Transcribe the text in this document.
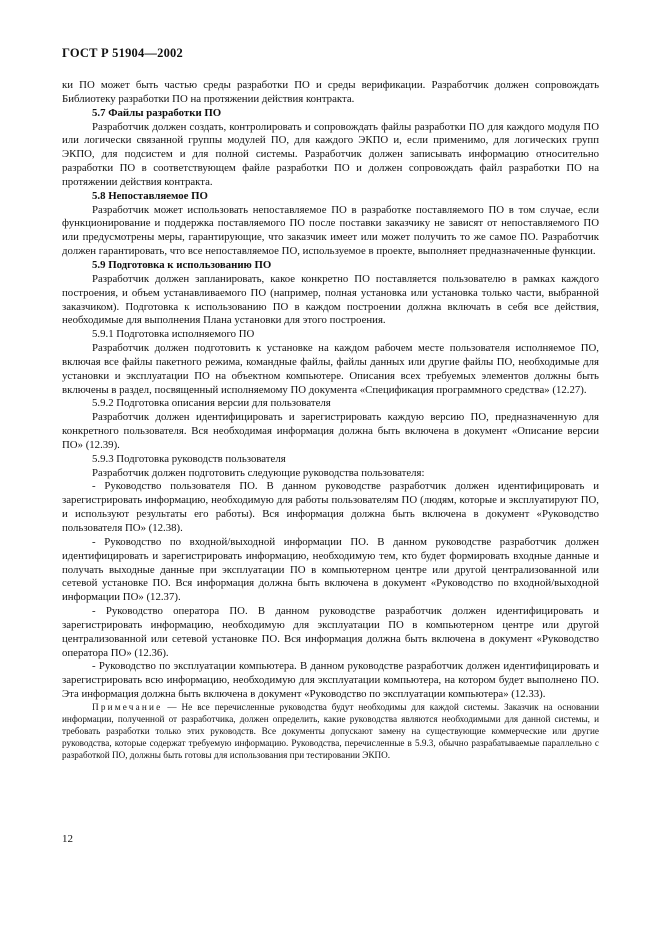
ГОСТ Р 51904—2002

ки ПО может быть частью среды разработки ПО и среды верификации. Разработчик должен сопровождать Библиотеку разработки ПО на протяжении действия контракта.

5.7 Файлы разработки ПО

Разработчик должен создать, контролировать и сопровождать файлы разработки ПО для каждого модуля ПО или логически связанной группы модулей ПО, для каждого ЭКПО и, если применимо, для логических групп ЭКПО, для подсистем и для полной системы. Разработчик должен записывать информацию относительно разработки ПО в соответствующем файле разработки ПО и должен сопровождать файл разработки ПО на протяжении действия контракта.

5.8 Непоставляемое ПО

Разработчик может использовать непоставляемое ПО в разработке поставляемого ПО в том случае, если функционирование и поддержка поставляемого ПО после поставки заказчику не зависят от непоставляемого ПО или предусмотрены меры, гарантирующие, что заказчик имеет или может получить то же самое ПО. Разработчик должен гарантировать, что все непоставляемое ПО, используемое в проекте, выполняет предназначенные функции.

5.9 Подготовка к использованию ПО

Разработчик должен запланировать, какое конкретно ПО поставляется пользователю в рамках каждого построения, и объем устанавливаемого ПО (например, полная установка или установка только части, выбранной заказчиком). Подготовка к использованию ПО в каждом построении должна включать в себя все действия, необходимые для выполнения Плана установки для этого построения.

5.9.1 Подготовка исполняемого ПО

Разработчик должен подготовить к установке на каждом рабочем месте пользователя исполняемое ПО, включая все файлы пакетного режима, командные файлы, файлы данных или другие файлы ПО, необходимые для установки и эксплуатации ПО на объектном компьютере. Описания всех требуемых элементов должны быть включены в раздел, посвященный исполняемому ПО документа «Спецификация программного средства» (12.27).

5.9.2 Подготовка описания версии для пользователя

Разработчик должен идентифицировать и зарегистрировать каждую версию ПО, предназначенную для конкретного пользователя. Вся необходимая информация должна быть включена в документ «Описание версии ПО» (12.39).

5.9.3 Подготовка руководств пользователя

Разработчик должен подготовить следующие руководства пользователя:

- Руководство пользователя ПО. В данном руководстве разработчик должен идентифицировать и зарегистрировать информацию, необходимую для работы пользователям ПО (людям, которые и эксплуатируют ПО, и используют результаты его работы). Вся информация должна быть включена в документ «Руководство пользователя ПО» (12.38).

- Руководство по входной/выходной информации ПО. В данном руководстве разработчик должен идентифицировать и зарегистрировать информацию, необходимую тем, кто будет формировать входные данные и получать выходные данные при эксплуатации ПО в компьютерном центре или другой централизованной или сетевой установке ПО. Вся информация должна быть включена в документ «Руководство по входной/выходной информации ПО» (12.37).

- Руководство оператора ПО. В данном руководстве разработчик должен идентифицировать и зарегистрировать информацию, необходимую для эксплуатации ПО в компьютерном центре или другой централизованной или сетевой установке ПО. Вся информация должна быть включена в документ «Руководство оператора ПО» (12.36).

- Руководство по эксплуатации компьютера. В данном руководстве разработчик должен идентифицировать и зарегистрировать всю информацию, необходимую для эксплуатации компьютера, на котором будет выполнено ПО. Эта информация должна быть включена в документ «Руководство по эксплуатации компьютера» (12.33).

Примечание — Не все перечисленные руководства будут необходимы для каждой системы. Заказчик на основании информации, полученной от разработчика, должен определить, какие руководства являются необходимыми для данной системы, и требовать разработки только этих руководств. Все документы допускают замену на существующие коммерческие или другие руководства, которые содержат требуемую информацию. Руководства, перечисленные в 5.9.3, обычно разрабатываемые параллельно с разработкой ПО, должны быть готовы для использования при тестировании ЭКПО.

12
